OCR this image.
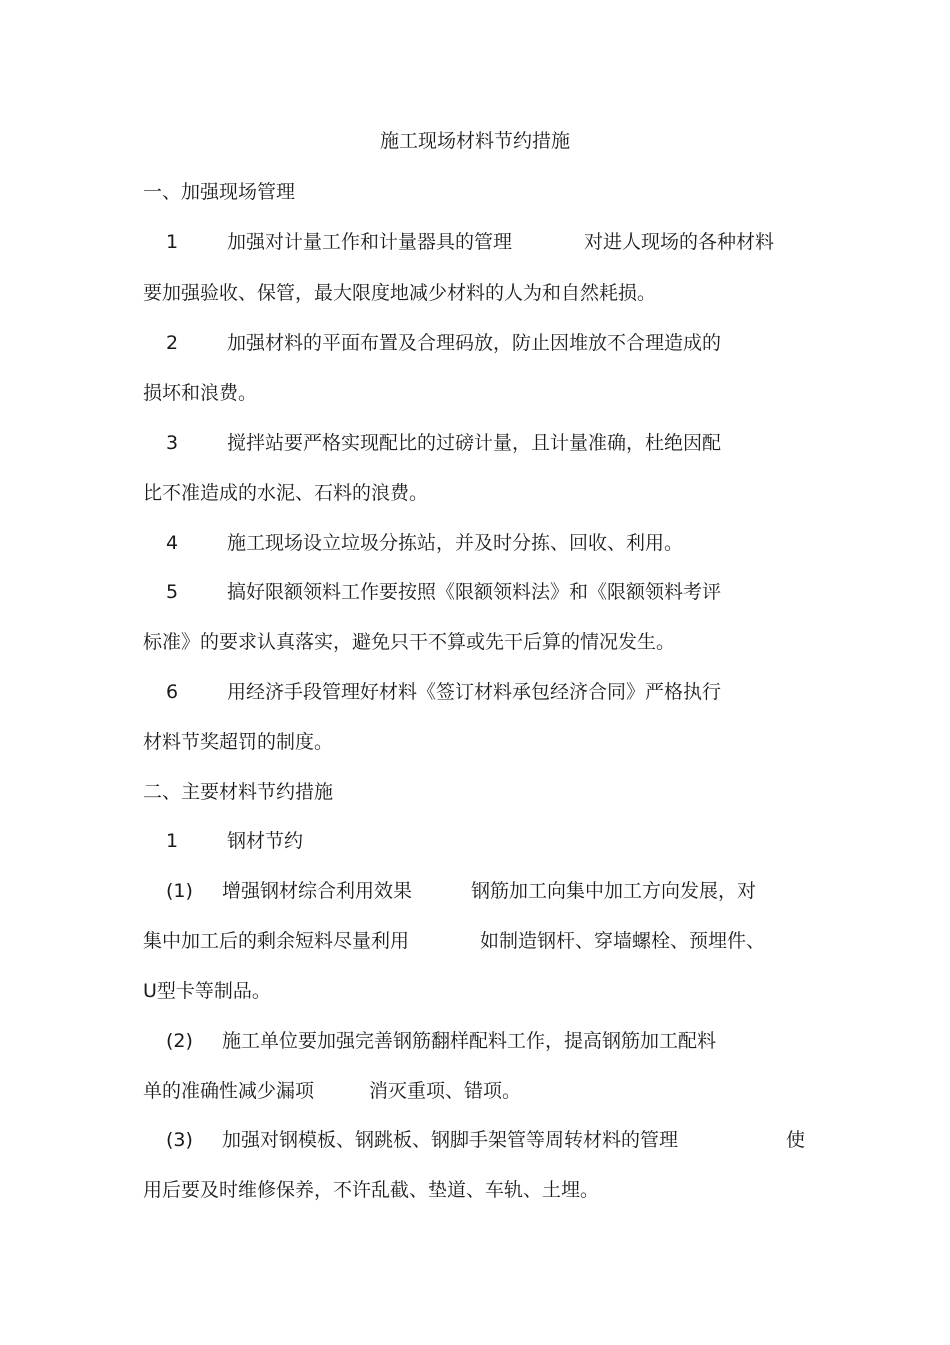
施工现场材料节约措施
一、加强现场管理
1	加强对计量工作和计量器具的管理	对进人现场的各种材料
要加强验收、保管，最大限度地减少材料的人为和自然耗损。
2	加强材料的平面布置及合理码放，防止因堆放不合理造成的
损坏和浪费。
3	搅拌站要严格实现配比的过磅计量，且计量准确，杜绝因配
比不准造成的水泥、石料的浪费。
4	施工现场设立垃圾分拣站，并及时分拣、回收、利用。
5	搞好限额领料工作要按照《限额领料法》和《限额领料考评
标准》的要求认真落实，避免只干不算或先干后算的情况发生。
6	用经济手段管理好材料《签订材料承包经济合同》严格执行
材料节奖超罚的制度。
二、主要材料节约措施
1	钢材节约
(1) 增强钢材综合利用效果	钢筋加工向集中加工方向发展，对
集中加工后的剩余短料尽量利用	如制造钢杆、穿墙螺栓、预埋件、
U型卡等制品。
(2) 施工单位要加强完善钢筋翻样配料工作，提高钢筋加工配料
单的准确性减少漏项	消灭重项、错项。
(3) 加强对钢模板、钢跳板、钢脚手架管等周转材料的管理	使
用后要及时维修保养，不许乱截、垫道、车轨、土埋。
